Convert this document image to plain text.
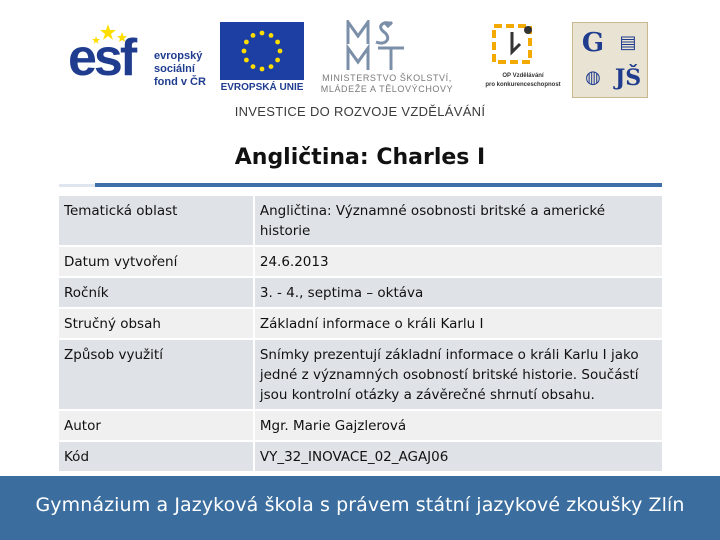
esf evropský
sociální
fond v ČR	EVROPSKÁ UNIE
MINISTERSTVO ŠKOLSTVÍ,
MLÁDEŽE A TĚLOVÝCHOVY
OP Vzdělávání
pro konkurenceschopnost
G ▤
◍ JŠ
INVESTICE DO ROZVOJE VZDĚLÁVÁNÍ
Angličtina: Charles I
Tematická oblast	Angličtina: Významné osobnosti britské a americké historie
Datum vytvoření	24.6.2013
Ročník	3. - 4., septima – oktáva
Stručný obsah	Základní informace o králi Karlu I
Způsob využití	Snímky prezentují základní informace o králi Karlu I jako jedné z významných osobností britské historie. Součástí jsou kontrolní otázky a závěrečné shrnutí obsahu.
Autor	Mgr. Marie Gajzlerová
Kód	VY_32_INOVACE_02_AGAJ06
Gymnázium a Jazyková škola s právem státní jazykové zkoušky Zlín
